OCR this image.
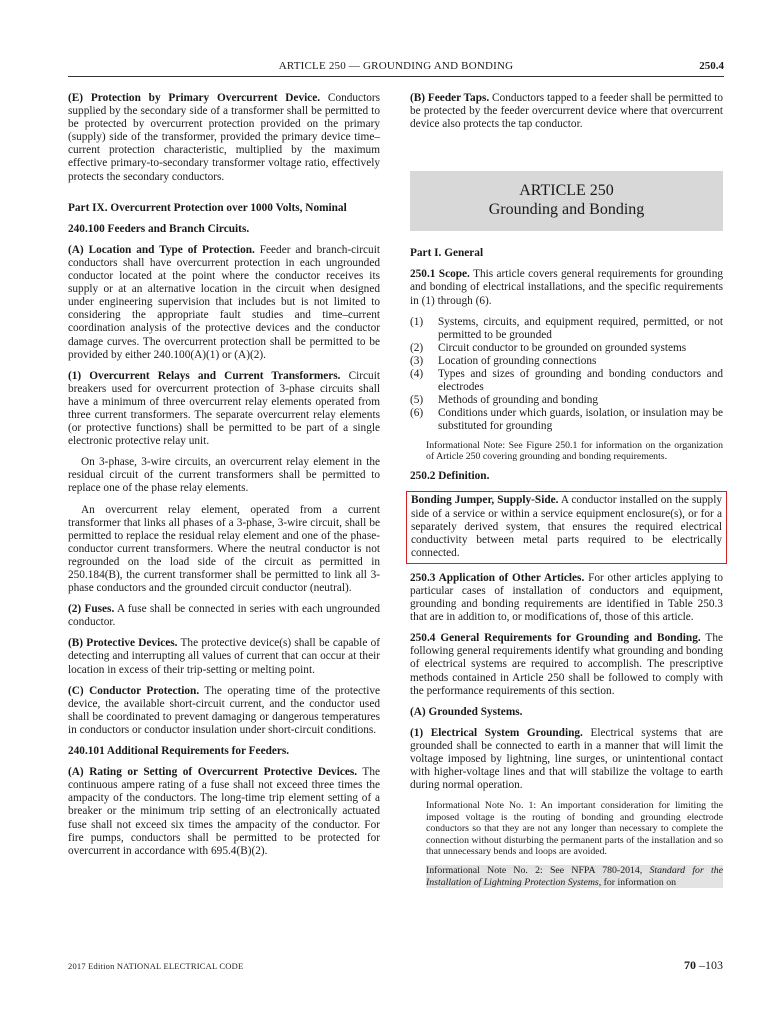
ARTICLE 250 — GROUNDING AND BONDING	250.4

(E) Protection by Primary Overcurrent Device. Conductors supplied by the secondary side of a transformer shall be permitted to be protected by overcurrent protection provided on the primary (supply) side of the transformer, provided the primary device time–current protection characteristic, multiplied by the maximum effective primary-to-secondary transformer voltage ratio, effectively protects the secondary conductors.

Part IX. Overcurrent Protection over 1000 Volts, Nominal
240.100 Feeders and Branch Circuits.

(A) Location and Type of Protection. Feeder and branch-circuit conductors shall have overcurrent protection in each ungrounded conductor located at the point where the conductor receives its supply or at an alternative location in the circuit when designed under engineering supervision that includes but is not limited to considering the appropriate fault studies and time–current coordination analysis of the protective devices and the conductor damage curves. The overcurrent protection shall be permitted to be provided by either 240.100(A)(1) or (A)(2).

(1) Overcurrent Relays and Current Transformers. Circuit breakers used for overcurrent protection of 3-phase circuits shall have a minimum of three overcurrent relay elements operated from three current transformers. The separate overcurrent relay elements (or protective functions) shall be permitted to be part of a single electronic protective relay unit.

On 3-phase, 3-wire circuits, an overcurrent relay element in the residual circuit of the current transformers shall be permitted to replace one of the phase relay elements.

An overcurrent relay element, operated from a current transformer that links all phases of a 3-phase, 3-wire circuit, shall be permitted to replace the residual relay element and one of the phase-conductor current transformers. Where the neutral conductor is not regrounded on the load side of the circuit as permitted in 250.184(B), the current transformer shall be permitted to link all 3-phase conductors and the grounded circuit conductor (neutral).

(2) Fuses. A fuse shall be connected in series with each ungrounded conductor.

(B) Protective Devices. The protective device(s) shall be capable of detecting and interrupting all values of current that can occur at their location in excess of their trip-setting or melting point.

(C) Conductor Protection. The operating time of the protective device, the available short-circuit current, and the conductor used shall be coordinated to prevent damaging or dangerous temperatures in conductors or conductor insulation under short-circuit conditions.

240.101 Additional Requirements for Feeders.

(A) Rating or Setting of Overcurrent Protective Devices. The continuous ampere rating of a fuse shall not exceed three times the ampacity of the conductors. The long-time trip element setting of a breaker or the minimum trip setting of an electronically actuated fuse shall not exceed six times the ampacity of the conductor. For fire pumps, conductors shall be permitted to be protected for overcurrent in accordance with 695.4(B)(2).

(B) Feeder Taps. Conductors tapped to a feeder shall be permitted to be protected by the feeder overcurrent device where that overcurrent device also protects the tap conductor.

ARTICLE 250
Grounding and Bonding
Part I. General

250.1 Scope. This article covers general requirements for grounding and bonding of electrical installations, and the specific requirements in (1) through (6).

(1) Systems, circuits, and equipment required, permitted, or not permitted to be grounded
(2) Circuit conductor to be grounded on grounded systems
(3) Location of grounding connections
(4) Types and sizes of grounding and bonding conductors and electrodes
(5) Methods of grounding and bonding
(6) Conditions under which guards, isolation, or insulation may be substituted for grounding

Informational Note: See Figure 250.1 for information on the organization of Article 250 covering grounding and bonding requirements.

250.2 Definition.
Bonding Jumper, Supply-Side. A conductor installed on the supply side of a service or within a service equipment enclosure(s), or for a separately derived system, that ensures the required electrical conductivity between metal parts required to be electrically connected.

250.3 Application of Other Articles. For other articles applying to particular cases of installation of conductors and equipment, grounding and bonding requirements are identified in Table 250.3 that are in addition to, or modifications of, those of this article.

250.4 General Requirements for Grounding and Bonding. The following general requirements identify what grounding and bonding of electrical systems are required to accomplish. The prescriptive methods contained in Article 250 shall be followed to comply with the performance requirements of this section.

(A) Grounded Systems.

(1) Electrical System Grounding. Electrical systems that are grounded shall be connected to earth in a manner that will limit the voltage imposed by lightning, line surges, or unintentional contact with higher-voltage lines and that will stabilize the voltage to earth during normal operation.

Informational Note No. 1: An important consideration for limiting the imposed voltage is the routing of bonding and grounding electrode conductors so that they are not any longer than necessary to complete the connection without disturbing the permanent parts of the installation and so that unnecessary bends and loops are avoided.

Informational Note No. 2: See NFPA 780-2014, Standard for the Installation of Lightning Protection Systems, for information on

2017 Edition NATIONAL ELECTRICAL CODE	70 –103
